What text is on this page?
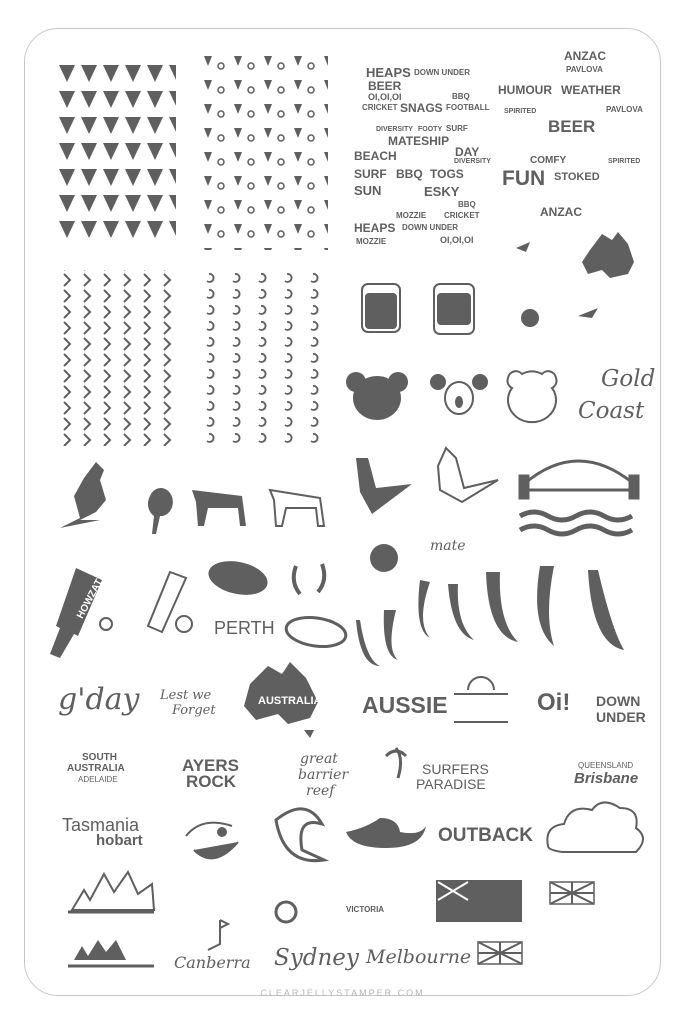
HEAPS DOWN UNDER
BEER
OI,OI,OI	BBQ
CRICKET SNAGS FOOTBALL
DIVERSITY FOOTY SURF
MATESHIP
DAY
BEACH	DIVERSITY
SURF BBQ TOGS
SUN	ESKY
BBQ
MOZZIE CRICKET
HEAPS DOWN UNDER
MOZZIE	OI,OI,OI
ANZAC
PAVLOVA
HUMOUR WEATHER
SPIRITED	PAVLOVA
BEER
COMFY	SPIRITED
FUN STOKED
ANZAC
Gold
Coast
mate
PERTH
g'day Lest we
Forget
AUSTRALIA AUSSIE	Oi! DOWN
UNDER
SOUTH
AUSTRALIA
ADELAIDE
AYERS
ROCK
great
barrier
reef
SURFERS
PARADISE
QUEENSLAND
Brisbane
Tasmania
hobart	OUTBACK
VICTORIA
Canberra Sydney Melbourne
HOWZAT
CLEARJELLYSTAMPER.COM
